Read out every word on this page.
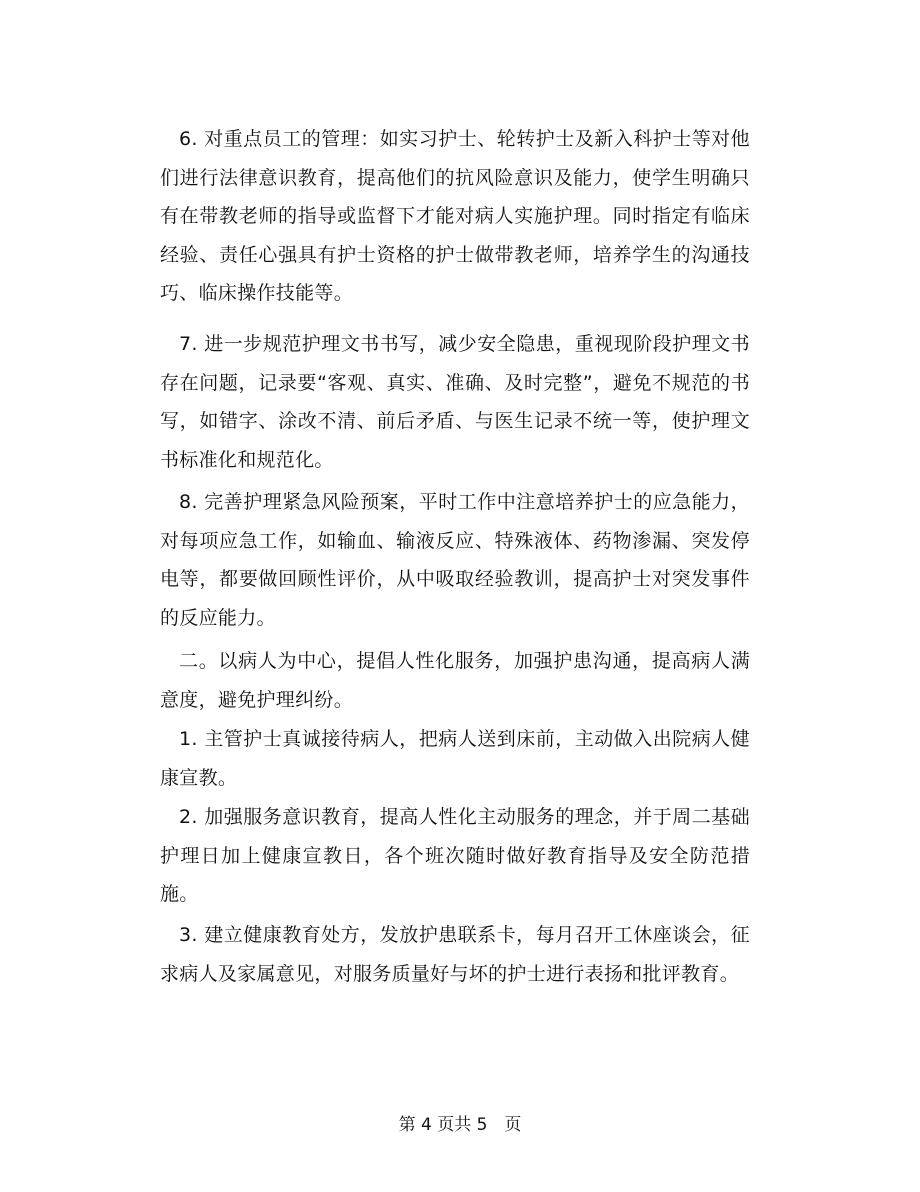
6. 对重点员工的管理：如实习护士、轮转护士及新入科护士等对他们进行法律意识教育，提高他们的抗风险意识及能力，使学生明确只有在带教老师的指导或监督下才能对病人实施护理。同时指定有临床经验、责任心强具有护士资格的护士做带教老师，培养学生的沟通技巧、临床操作技能等。

7. 进一步规范护理文书书写，减少安全隐患，重视现阶段护理文书存在问题，记录要“客观、真实、准确、及时完整”，避免不规范的书写，如错字、涂改不清、前后矛盾、与医生记录不统一等，使护理文书标准化和规范化。

8. 完善护理紧急风险预案，平时工作中注意培养护士的应急能力，对每项应急工作，如输血、输液反应、特殊液体、药物渗漏、突发停电等，都要做回顾性评价，从中吸取经验教训，提高护士对突发事件的反应能力。

二。以病人为中心，提倡人性化服务，加强护患沟通，提高病人满意度，避免护理纠纷。

1. 主管护士真诚接待病人，把病人送到床前，主动做入出院病人健康宣教。

2. 加强服务意识教育，提高人性化主动服务的理念，并于周二基础护理日加上健康宣教日，各个班次随时做好教育指导及安全防范措施。

3. 建立健康教育处方，发放护患联系卡，每月召开工休座谈会，征求病人及家属意见，对服务质量好与坏的护士进行表扬和批评教育。

第 4 页共 5　页
